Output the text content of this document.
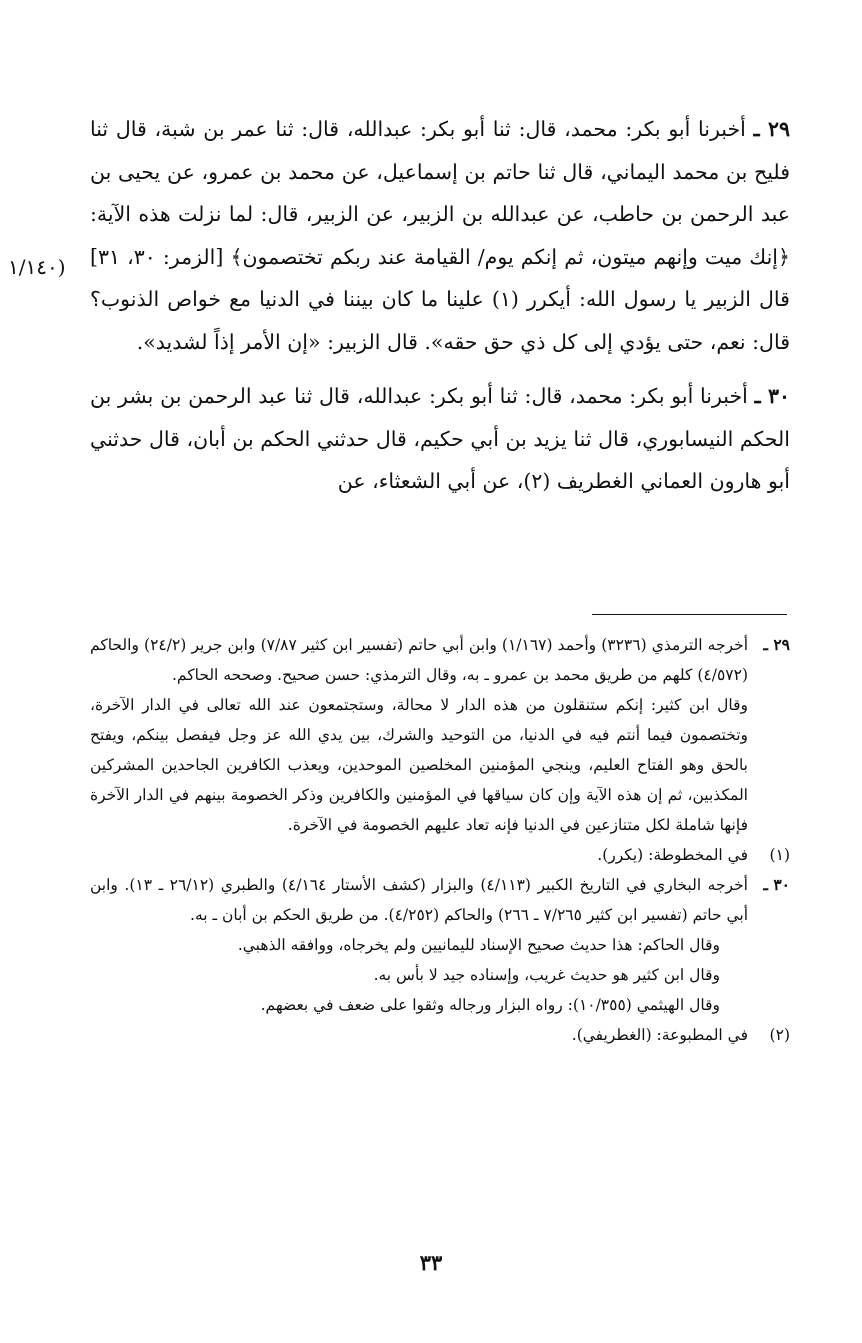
٢٩ ـ أخبرنا أبو بكر: محمد، قال: ثنا أبو بكر: عبدالله، قال: ثنا عمر بن شبة، قال ثنا فليح بن محمد اليماني، قال ثنا حاتم بن إسماعيل، عن محمد بن عمرو، عن يحيى بن عبد الرحمن بن حاطب، عن عبدالله بن الزبير، عن الزبير، قال: لما نزلت هذه الآية: ﴿إنك ميت وإنهم ميتون، ثم إنكم يوم/ القيامة عند ربكم تختصمون﴾ [الزمر: ٣٠، ٣١] قال الزبير يا رسول الله: أيكرر (١) علينا ما كان بيننا في الدنيا مع خواص الذنوب؟ قال: نعم، حتى يؤدي إلى كل ذي حق حقه». قال الزبير: «إن الأمر إذاً لشديد».

٣٠ ـ أخبرنا أبو بكر: محمد، قال: ثنا أبو بكر: عبدالله، قال ثنا عبد الرحمن بن بشر بن الحكم النيسابوري، قال ثنا يزيد بن أبي حكيم، قال حدثني الحكم بن أبان، قال حدثني أبو هارون العماني الغطريف (٢)، عن أبي الشعثاء، عن

(١/١٤٠
٢٩ ـ

أخرجه الترمذي (٣٢٣٦) وأحمد (١/١٦٧) وابن أبي حاتم (تفسير ابن كثير ٧/٨٧) وابن جرير (٢٤/٢) والحاكم (٤/٥٧٢) كلهم من طريق محمد بن عمرو ـ به، وقال الترمذي: حسن صحيح. وصححه الحاكم.

وقال ابن كثير: إنكم ستنقلون من هذه الدار لا محالة، وستجتمعون عند الله تعالى في الدار الآخرة، وتختصمون فيما أنتم فيه في الدنيا، من التوحيد والشرك، بين يدي الله عز وجل فيفصل بينكم، ويفتح بالحق وهو الفتاح العليم، وينجي المؤمنين المخلصين الموحدين، ويعذب الكافرين الجاحدين المشركين المكذبين، ثم إن هذه الآية وإن كان سياقها في المؤمنين والكافرين وذكر الخصومة بينهم في الدار الآخرة فإنها شاملة لكل متنازعين في الدنيا فإنه تعاد عليهم الخصومة في الآخرة.

(١)

في المخطوطة: (يكرر).

٣٠ ـ

أخرجه البخاري في التاريخ الكبير (٤/١١٣) والبزار (كشف الأستار ٤/١٦٤) والطبري (٢٦/١٢ ـ ١٣). وابن أبي حاتم (تفسير ابن كثير ٧/٢٦٥ ـ ٢٦٦) والحاكم (٤/٢٥٢). من طريق الحكم بن أبان ـ به.

وقال الحاكم: هذا حديث صحيح الإسناد لليمانيين ولم يخرجاه، ووافقه الذهبي.

وقال ابن كثير هو حديث غريب، وإسناده جيد لا بأس به.

وقال الهيثمي (١٠/٣٥٥): رواه البزار ورجاله وثقوا على ضعف في بعضهم.

(٢)

في المطبوعة: (الغطريفي).

٣٣
